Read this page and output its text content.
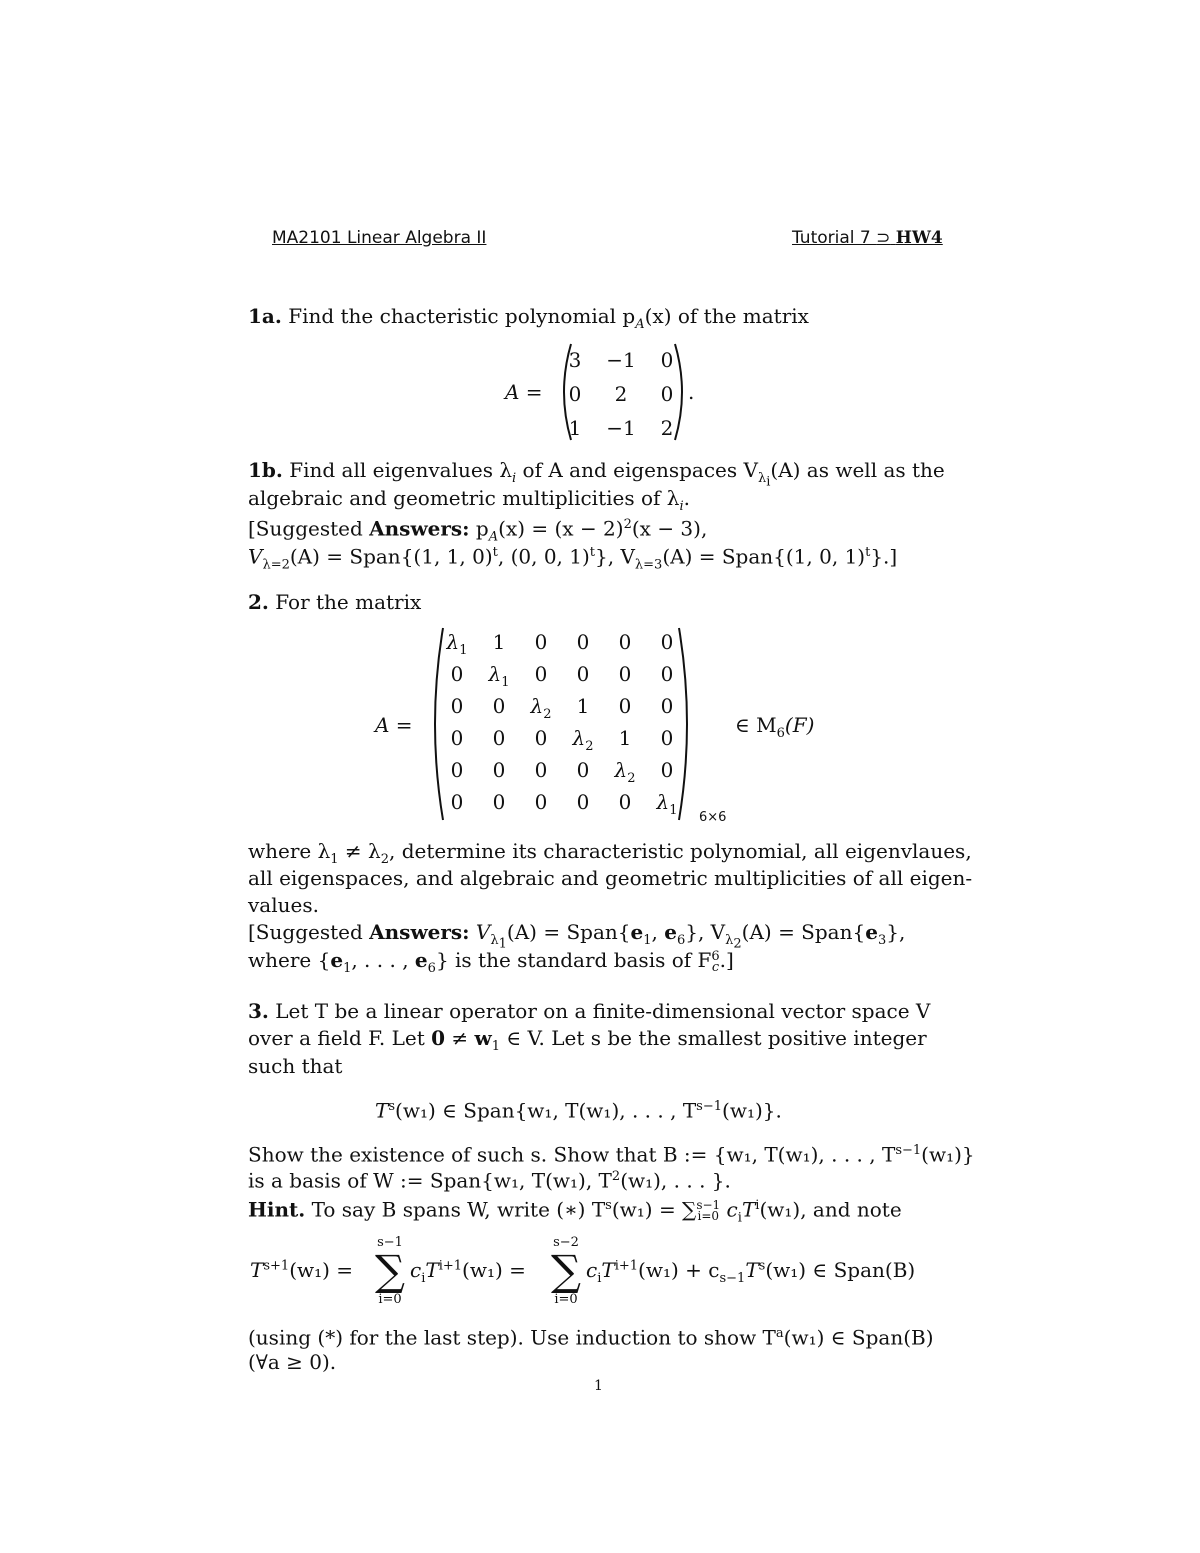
MA2101 Linear Algebra II	Tutorial 7 ⊃ HW4
1a. Find the chacteristic polynomial $p_A(x)$ of the matrix
A =
3	−1	0
0	2	0
1	−1	2
.
1b. Find all eigenvalues $\lambda_i$ of A and eigenspaces $V_{\lambda_i}(A)$ as well as the
algebraic and geometric multiplicities of $\lambda_i$.
[Suggested Answers: $p_A(x) = (x - 2)^2(x - 3)$,
$V_{\lambda=2}(A)$ = Span{(1, 1, 0)$^t$, (0, 0, 1)$^t$}, $V_{\lambda=3}(A)$ = Span{(1, 0, 1)$^t$}.]
2. For the matrix
A =
$\lambda_1$	1	0	0	0	0
0	$\lambda_1$	0	0	0	0
0	0	$\lambda_2$	1	0	0
0	0	0	$\lambda_2$	1	0
0	0	0	0	$\lambda_2$	0
0	0	0	0	0	$\lambda_1$	6×6
∈ $M_6(F)$
where $\lambda_1 \ne \lambda_2$, determine its characteristic polynomial, all eigenvlaues,
all eigenspaces, and algebraic and geometric multiplicities of all eigen-
values.
[Suggested Answers: $V_{\lambda_1}(A)$ = $Span\{e_1$, $e_6$}, $V_{\lambda_2}(A)$ = $Span\{e_3\}$,
where {$e_1$, . . . , $e_6$} is the standard basis of F6
c.]
3. Let T be a linear operator on a finite-dimensional vector space V
over a field F. Let $0 \ne w_1$ ∈ V. Let s be the smallest positive integer
such that
$T^s(w_1)$ ∈ Span{w₁, T(w₁), . . . , $T^{s-1}(w_1)$}.
Show the existence of such s. Show that B := {w₁, T(w₁), . . . , $T^{s-1}(w_1)$}
is a basis of W := Span{w₁, T(w₁), $T^2(w_1)$, . . . }.
Hint. To say B spans W, write (∗) $T^s(w_1) = \sum s-1$
i=0 $c_iT^i(w_1)$, and note
$T^{s+1}(w_1)$ =
s−1
∑
i=0
$c_iT^{i+1}(w_1)$ =
s−2
∑
i=0
$c_iT^{i+1}(w_1) + c_{s-1}T^s(w_1)$ ∈ Span(B)
(using (*) for the last step). Use induction to show $T^a(w_1)$ ∈ Span(B)
(∀a ≥ 0).
1
